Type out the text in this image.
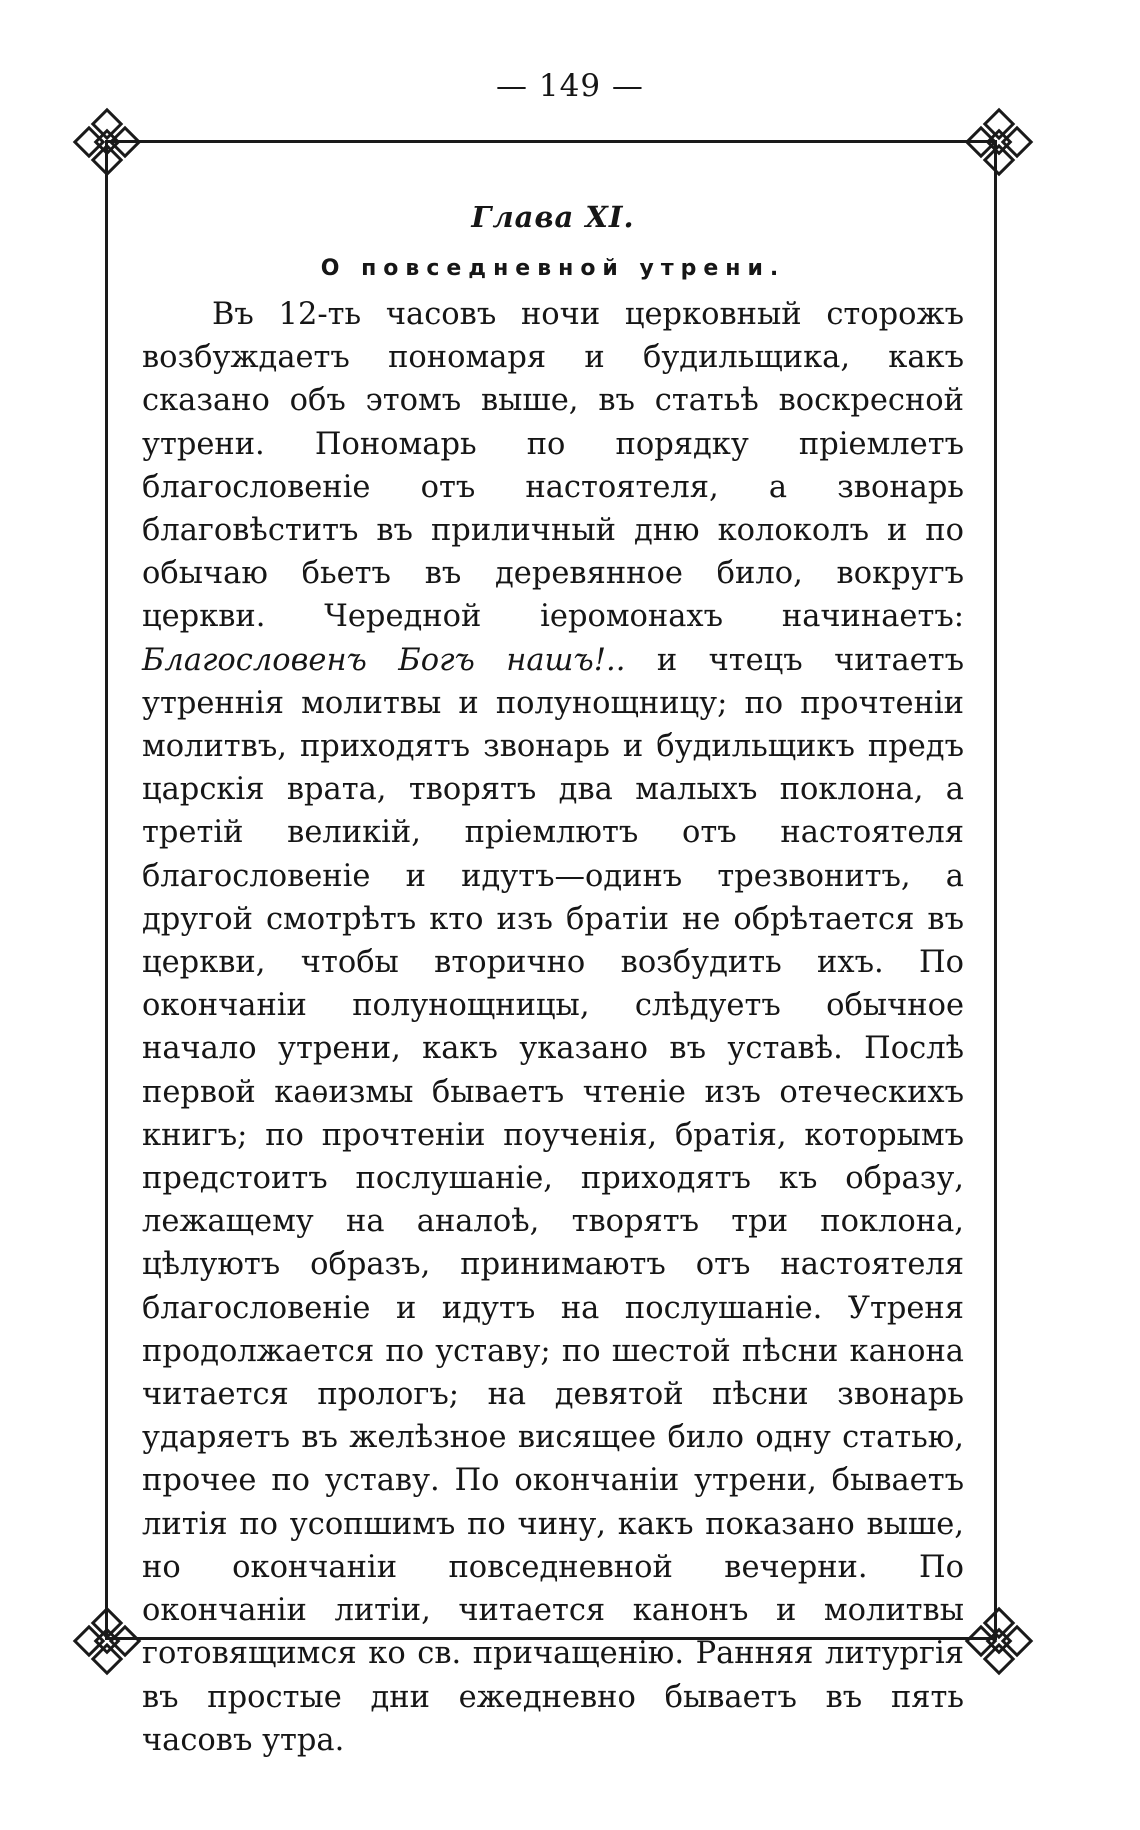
— 149 —
Глава XI.
О повседневной утрени.

Въ 12-ть часовъ ночи церковный сторожъ возбуждаетъ пономаря и будильщика, какъ сказано объ этомъ выше, въ статьѣ воскресной утрени. Пономарь по порядку пріемлетъ благословеніе отъ настоятеля, а звонарь благовѣститъ въ приличный дню колоколъ и по обычаю бьетъ въ деревянное било, вокругъ церкви. Чередной іеромонахъ начинаетъ: Благословенъ Богъ нашъ!.. и чтецъ читаетъ утреннія молитвы и полунощницу; по прочтеніи молитвъ, приходятъ звонарь и будильщикъ предъ царскія врата, творятъ два малыхъ поклона, а третій великій, пріемлютъ отъ настоятеля благословеніе и идутъ—одинъ трезвонитъ, а другой смотрѣтъ кто изъ братіи не обрѣтается въ церкви, чтобы вторично возбудить ихъ. По окончаніи полунощницы, слѣдуетъ обычное начало утрени, какъ указано въ уставѣ. Послѣ первой каѳизмы бываетъ чтеніе изъ отеческихъ книгъ; по прочтеніи поученія, братія, которымъ предстоитъ послушаніе, приходятъ къ образу, лежащему на аналоѣ, творятъ три поклона, цѣлуютъ образъ, принимаютъ отъ настоятеля благословеніе и идутъ на послушаніе. Утреня продолжается по уставу; по шестой пѣсни канона читается прологъ; на девятой пѣсни звонарь ударяетъ въ желѣзное висящее било одну статью, прочее по уставу. По окончаніи утрени, бываетъ литія по усопшимъ по чину, какъ показано выше, но окончаніи повседневной вечерни. По окончаніи литіи, читается канонъ и молитвы готовящимся ко св. причащенію. Ранняя литургія въ простые дни ежедневно бываетъ въ пять часовъ утра.
